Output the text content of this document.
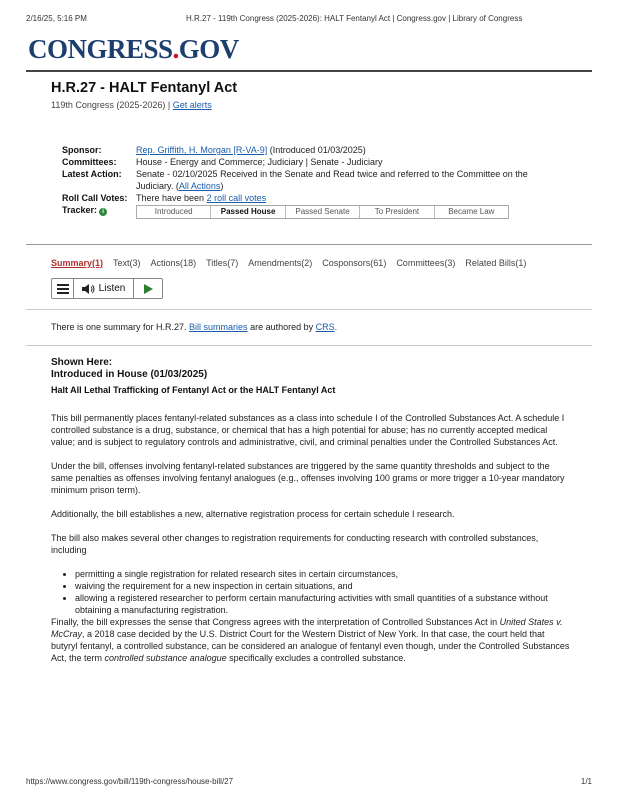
2/16/25, 5:16 PM	H.R.27 - 119th Congress (2025-2026): HALT Fentanyl Act | Congress.gov | Library of Congress
CONGRESS.GOV
H.R.27 - HALT Fentanyl Act
119th Congress (2025-2026) | Get alerts
Sponsor:	Rep. Griffith, H. Morgan [R-VA-9] (Introduced 01/03/2025)
Committees:	House - Energy and Commerce; Judiciary | Senate - Judiciary
Latest Action:	Senate - 02/10/2025 Received in the Senate and Read twice and referred to the Committee on the Judiciary. (All Actions)
Roll Call Votes:	There have been 2 roll call votes
Tracker: i	Introduced Passed House Passed Senate To President Became Law
Summary(1) Text(3) Actions(18) Titles(7) Amendments(2) Cosponsors(61) Committees(3) Related Bills(1)
Listen
There is one summary for H.R.27. Bill summaries are authored by CRS.
Shown Here:
Introduced in House (01/03/2025)
Halt All Lethal Trafficking of Fentanyl Act or the HALT Fentanyl Act

This bill permanently places fentanyl-related substances as a class into schedule I of the Controlled Substances Act. A schedule I controlled substance is a drug, substance, or chemical that has a high potential for abuse; has no currently accepted medical value; and is subject to regulatory controls and administrative, civil, and criminal penalties under the Controlled Substances Act.

Under the bill, offenses involving fentanyl-related substances are triggered by the same quantity thresholds and subject to the same penalties as offenses involving fentanyl analogues (e.g., offenses involving 100 grams or more trigger a 10-year mandatory minimum prison term).

Additionally, the bill establishes a new, alternative registration process for certain schedule I research.

The bill also makes several other changes to registration requirements for conducting research with controlled substances, including

• permitting a single registration for related research sites in certain circumstances,
• waiving the requirement for a new inspection in certain situations, and
• allowing a registered researcher to perform certain manufacturing activities with small quantities of a substance without obtaining a manufacturing registration.

Finally, the bill expresses the sense that Congress agrees with the interpretation of Controlled Substances Act in United States v. McCray, a 2018 case decided by the U.S. District Court for the Western District of New York. In that case, the court held that butyryl fentanyl, a controlled substance, can be considered an analogue of fentanyl even though, under the Controlled Substances Act, the term controlled substance analogue specifically excludes a controlled substance.

https://www.congress.gov/bill/119th-congress/house-bill/27	1/1
